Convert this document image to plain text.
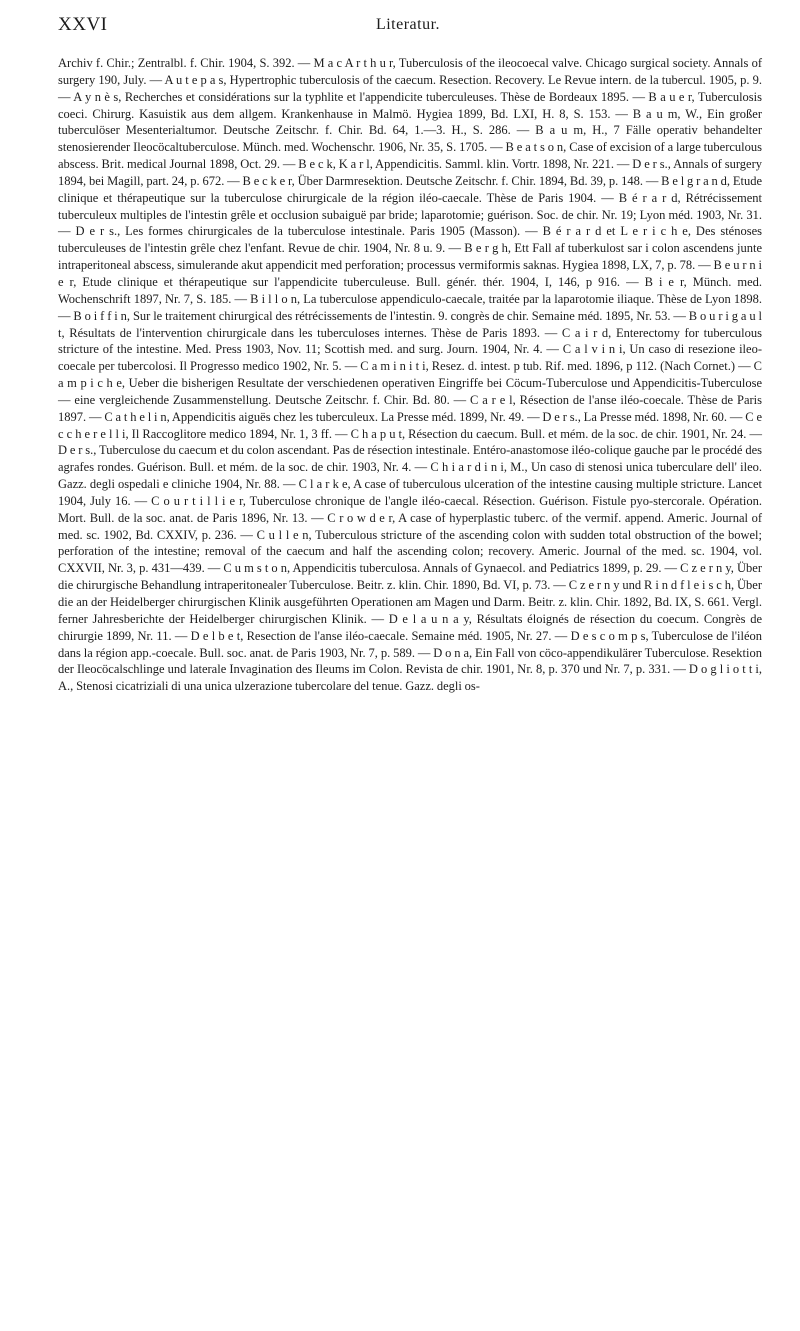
XXVI	Literatur.

Archiv f. Chir.; Zentralbl. f. Chir. 1904, S. 392. — M a c A r t h u r, Tuberculosis of the ileocoecal valve. Chicago surgical society. Annals of surgery 190, July. — A u t e p a s, Hypertrophic tuberculosis of the caecum. Resection. Recovery. Le Revue intern. de la tubercul. 1905, p. 9. — A y n è s, Recherches et considérations sur la typhlite et l'appendicite tuberculeuses. Thèse de Bordeaux 1895. — B a u e r, Tuberculosis coeci. Chirurg. Kasuistik aus dem allgem. Krankenhause in Malmö. Hygiea 1899, Bd. LXI, H. 8, S. 153. — B a u m, W., Ein großer tuberculöser Mesenterialtumor. Deutsche Zeitschr. f. Chir. Bd. 64, 1.—3. H., S. 286. — B a u m, H., 7 Fälle operativ behandelter stenosierender Ileocöcaltuberculose. Münch. med. Wochenschr. 1906, Nr. 35, S. 1705. — B e a t s o n, Case of excision of a large tuberculous abscess. Brit. medical Journal 1898, Oct. 29. — B e c k, K a r l, Appendicitis. Samml. klin. Vortr. 1898, Nr. 221. — D e r s., Annals of surgery 1894, bei Magill, part. 24, p. 672. — B e c k e r, Über Darmresektion. Deutsche Zeitschr. f. Chir. 1894, Bd. 39, p. 148. — B e l g r a n d, Etude clinique et thérapeutique sur la tuberculose chirurgicale de la région iléo-caecale. Thèse de Paris 1904. — B é r a r d, Rétrécissement tuberculeux multiples de l'intestin grêle et occlusion subaiguë par bride; laparotomie; guérison. Soc. de chir. Nr. 19; Lyon méd. 1903, Nr. 31. — D e r s., Les formes chirurgicales de la tuberculose intestinale. Paris 1905 (Masson). — B é r a r d et L e r i c h e, Des sténoses tuberculeuses de l'intestin grêle chez l'enfant. Revue de chir. 1904, Nr. 8 u. 9. — B e r g h, Ett Fall af tuberkulost sar i colon ascendens junte intraperitoneal abscess, simulerande akut appendicit med perforation; processus vermiformis saknas. Hygiea 1898, LX, 7, p. 78. — B e u r n i e r, Etude clinique et thérapeutique sur l'appendicite tuberculeuse. Bull. génér. thér. 1904, I, 146, p 916. — B i e r, Münch. med. Wochenschrift 1897, Nr. 7, S. 185. — B i l l o n, La tuberculose appendiculo-caecale, traitée par la laparotomie iliaque. Thèse de Lyon 1898. — B o i f f i n, Sur le traitement chirurgical des rétrécissements de l'intestin. 9. congrès de chir. Semaine méd. 1895, Nr. 53. — B o u r i g a u l t, Résultats de l'intervention chirurgicale dans les tuberculoses internes. Thèse de Paris 1893. — C a i r d, Enterectomy for tuberculous stricture of the intestine. Med. Press 1903, Nov. 11; Scottish med. and surg. Journ. 1904, Nr. 4. — C a l v i n i, Un caso di resezione ileo-coecale per tubercolosi. Il Progresso medico 1902, Nr. 5. — C a m i n i t i, Resez. d. intest. p tub. Rif. med. 1896, p 112. (Nach Cornet.) — C a m p i c h e, Ueber die bisherigen Resultate der verschiedenen operativen Eingriffe bei Cöcum-Tuberculose und Appendicitis-Tuberculose — eine vergleichende Zusammenstellung. Deutsche Zeitschr. f. Chir. Bd. 80. — C a r e l, Résection de l'anse iléo-coecale. Thèse de Paris 1897. — C a t h e l i n, Appendicitis aiguës chez les tuberculeux. La Presse méd. 1899, Nr. 49. — D e r s., La Presse méd. 1898, Nr. 60. — C e c c h e r e l l i, Il Raccoglitore medico 1894, Nr. 1, 3 ff. — C h a p u t, Résection du caecum. Bull. et mém. de la soc. de chir. 1901, Nr. 24. — D e r s., Tuberculose du caecum et du colon ascendant. Pas de résection intestinale. Entéro-anastomose iléo-colique gauche par le procédé des agrafes rondes. Guérison. Bull. et mém. de la soc. de chir. 1903, Nr. 4. — C h i a r d i n i, M., Un caso di stenosi unica tuberculare dell' ileo. Gazz. degli ospedali e cliniche 1904, Nr. 88. — C l a r k e, A case of tuberculous ulceration of the intestine causing multiple stricture. Lancet 1904, July 16. — C o u r t i l l i e r, Tuberculose chronique de l'angle iléo-caecal. Résection. Guérison. Fistule pyo-stercorale. Opération. Mort. Bull. de la soc. anat. de Paris 1896, Nr. 13. — C r o w d e r, A case of hyperplastic tuberc. of the vermif. append. Americ. Journal of med. sc. 1902, Bd. CXXIV, p. 236. — C u l l e n, Tuberculous stricture of the ascending colon with sudden total obstruction of the bowel; perforation of the intestine; removal of the caecum and half the ascending colon; recovery. Americ. Journal of the med. sc. 1904, vol. CXXVII, Nr. 3, p. 431—439. — C u m s t o n, Appendicitis tuberculosa. Annals of Gynaecol. and Pediatrics 1899, p. 29. — C z e r n y, Über die chirurgische Behandlung intraperitonealer Tuberculose. Beitr. z. klin. Chir. 1890, Bd. VI, p. 73. — C z e r n y und R i n d f l e i s c h, Über die an der Heidelberger chirurgischen Klinik ausgeführten Operationen am Magen und Darm. Beitr. z. klin. Chir. 1892, Bd. IX, S. 661. Vergl. ferner Jahresberichte der Heidelberger chirurgischen Klinik. — D e l a u n a y, Résultats éloignés de résection du coecum. Congrès de chirurgie 1899, Nr. 11. — D e l b e t, Resection de l'anse iléo-caecale. Semaine méd. 1905, Nr. 27. — D e s c o m p s, Tuberculose de l'iléon dans la région app.-coecale. Bull. soc. anat. de Paris 1903, Nr. 7, p. 589. — D o n a, Ein Fall von cöco-appendikulärer Tuberculose. Resektion der Ileocöcalschlinge und laterale Invagination des Ileums im Colon. Revista de chir. 1901, Nr. 8, p. 370 und Nr. 7, p. 331. — D o g l i o t t i, A., Stenosi cicatriziali di una unica ulzerazione tubercolare del tenue. Gazz. degli os-
